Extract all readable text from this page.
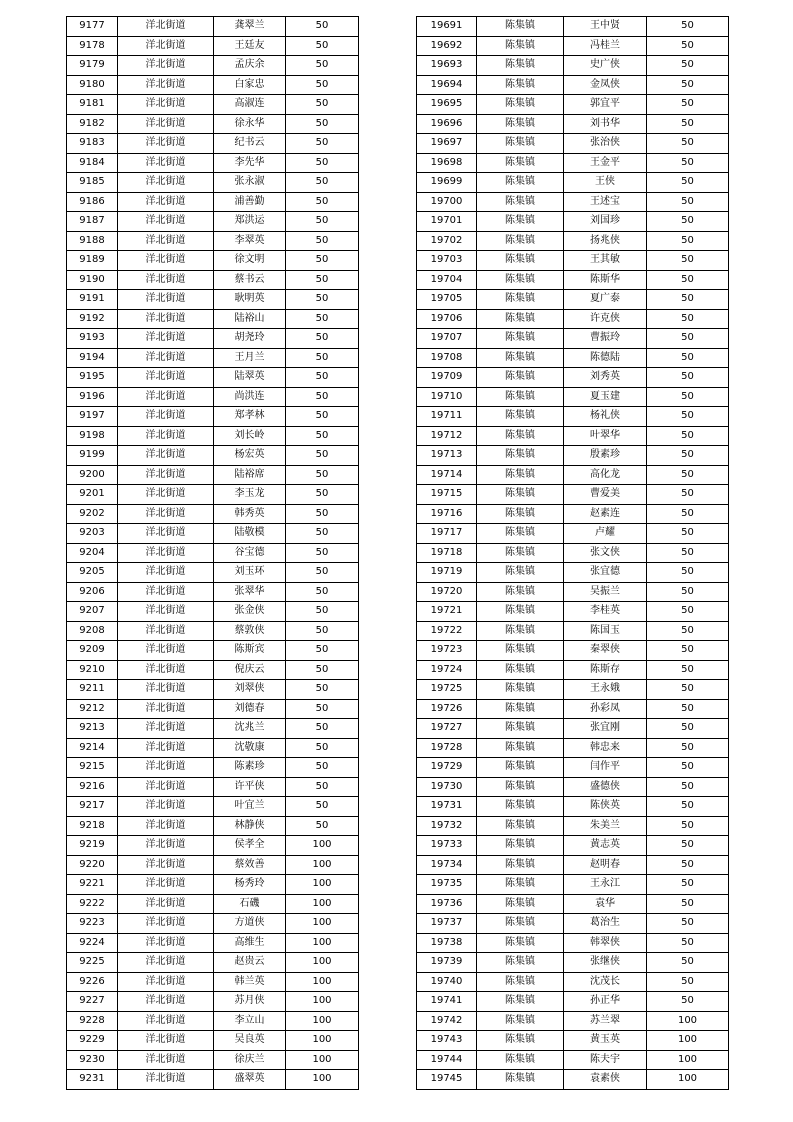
9177	洋北街道	龚翠兰	50
9178	洋北街道	王廷友	50
9179	洋北街道	孟庆余	50
9180	洋北街道	白家忠	50
9181	洋北街道	高淑连	50
9182	洋北街道	徐永华	50
9183	洋北街道	纪书云	50
9184	洋北街道	李先华	50
9185	洋北街道	张永淑	50
9186	洋北街道	浦善勤	50
9187	洋北街道	郑洪运	50
9188	洋北街道	李翠英	50
9189	洋北街道	徐文明	50
9190	洋北街道	蔡书云	50
9191	洋北街道	耿明英	50
9192	洋北街道	陆裕山	50
9193	洋北街道	胡尧玲	50
9194	洋北街道	王月兰	50
9195	洋北街道	陆翠英	50
9196	洋北街道	尚洪连	50
9197	洋北街道	郑孝林	50
9198	洋北街道	刘长岭	50
9199	洋北街道	杨宏英	50
9200	洋北街道	陆裕席	50
9201	洋北街道	李玉龙	50
9202	洋北街道	韩秀英	50
9203	洋北街道	陆敬模	50
9204	洋北街道	谷宝德	50
9205	洋北街道	刘玉环	50
9206	洋北街道	张翠华	50
9207	洋北街道	张金侠	50
9208	洋北街道	蔡敦侠	50
9209	洋北街道	陈斯宾	50
9210	洋北街道	倪庆云	50
9211	洋北街道	刘翠侠	50
9212	洋北街道	刘德春	50
9213	洋北街道	沈兆兰	50
9214	洋北街道	沈敬康	50
9215	洋北街道	陈素珍	50
9216	洋北街道	许平侠	50
9217	洋北街道	叶宜兰	50
9218	洋北街道	林静侠	50
9219	洋北街道	侯孝全	100
9220	洋北街道	蔡效善	100
9221	洋北街道	杨秀玲	100
9222	洋北街道	石磯	100
9223	洋北街道	方道侠	100
9224	洋北街道	高维生	100
9225	洋北街道	赵贵云	100
9226	洋北街道	韩兰英	100
9227	洋北街道	苏月侠	100
9228	洋北街道	李立山	100
9229	洋北街道	吴良英	100
9230	洋北街道	徐庆兰	100
9231	洋北街道	盛翠英	100
19691	陈集镇	王中贤	50
19692	陈集镇	冯桂兰	50
19693	陈集镇	史广侠	50
19694	陈集镇	金凤侠	50
19695	陈集镇	郭宜平	50
19696	陈集镇	刘书华	50
19697	陈集镇	张治侠	50
19698	陈集镇	王金平	50
19699	陈集镇	王侠	50
19700	陈集镇	王述宝	50
19701	陈集镇	刘国珍	50
19702	陈集镇	扬兆侠	50
19703	陈集镇	王其敏	50
19704	陈集镇	陈斯华	50
19705	陈集镇	夏广泰	50
19706	陈集镇	许克侠	50
19707	陈集镇	曹振玲	50
19708	陈集镇	陈德陆	50
19709	陈集镇	刘秀英	50
19710	陈集镇	夏玉建	50
19711	陈集镇	杨礼侠	50
19712	陈集镇	叶翠华	50
19713	陈集镇	殷素珍	50
19714	陈集镇	高化龙	50
19715	陈集镇	曹爱美	50
19716	陈集镇	赵素连	50
19717	陈集镇	卢耀	50
19718	陈集镇	张文侠	50
19719	陈集镇	张宜德	50
19720	陈集镇	吴振兰	50
19721	陈集镇	李桂英	50
19722	陈集镇	陈国玉	50
19723	陈集镇	秦翠侠	50
19724	陈集镇	陈斯存	50
19725	陈集镇	王永娥	50
19726	陈集镇	孙彩凤	50
19727	陈集镇	张宜刚	50
19728	陈集镇	韩忠来	50
19729	陈集镇	闫作平	50
19730	陈集镇	盛德侠	50
19731	陈集镇	陈侠英	50
19732	陈集镇	朱美兰	50
19733	陈集镇	黄志英	50
19734	陈集镇	赵明春	50
19735	陈集镇	王永江	50
19736	陈集镇	袁华	50
19737	陈集镇	葛治生	50
19738	陈集镇	韩翠侠	50
19739	陈集镇	张继侠	50
19740	陈集镇	沈茂长	50
19741	陈集镇	孙正华	50
19742	陈集镇	苏兰翠	100
19743	陈集镇	黄玉英	100
19744	陈集镇	陈夫宇	100
19745	陈集镇	袁素侠	100
